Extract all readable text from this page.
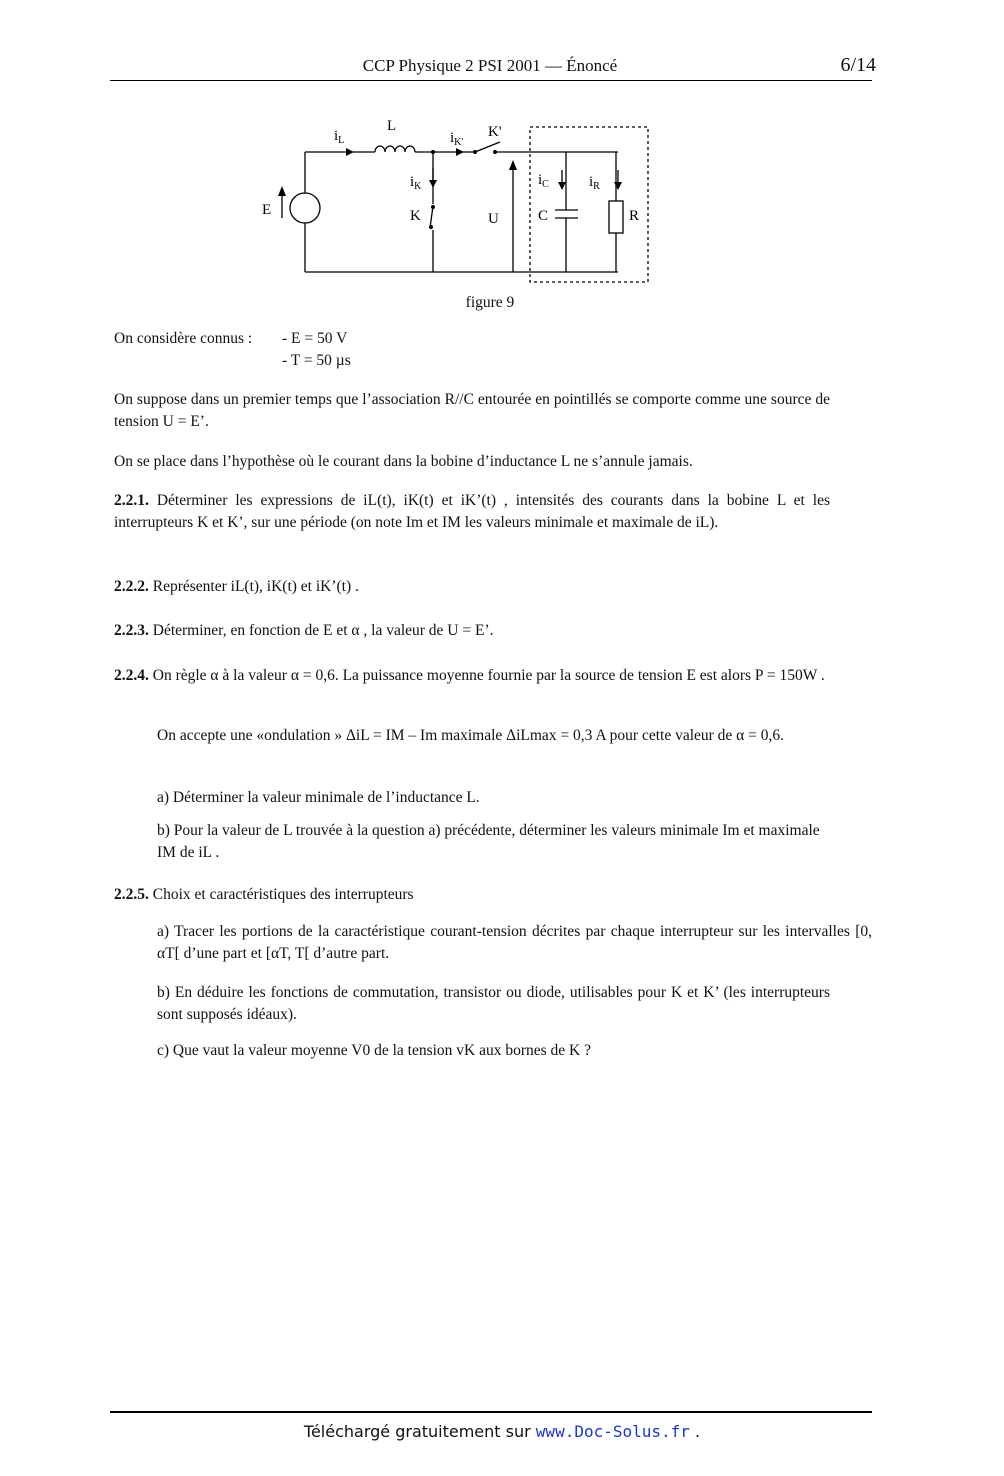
CCP Physique 2 PSI 2001 — Énoncé	6/14
$i_L$
L
$i_{K'}$
K'
$i_K$
K
E
U
$i_C$
C
$i_R$
R
figure 9
On considère connus : - E = 50 V
- T = 50 µs
On suppose dans un premier temps que l’association R//C entourée en pointillés se comporte comme une source de tension U = E’.
On se place dans l’hypothèse où le courant dans la bobine d’inductance L ne s’annule jamais.
2.2.1. Déterminer les expressions de iL(t), iK(t) et iK’(t) , intensités des courants dans la bobine L et les interrupteurs K et K’, sur une période (on note Im et IM les valeurs minimale et maximale de iL).
2.2.2. Représenter iL(t), iK(t) et iK’(t) .
2.2.3. Déterminer, en fonction de E et α , la valeur de U = E’.
2.2.4. On règle α à la valeur α = 0,6. La puissance moyenne fournie par la source de tension E est alors P = 150W .
On accepte une «ondulation » ΔiL = IM – Im maximale ΔiLmax = 0,3 A pour cette valeur de α = 0,6.
a) Déterminer la valeur minimale de l’inductance L.
b) Pour la valeur de L trouvée à la question a) précédente, déterminer les valeurs minimale Im et maximale IM de iL .
2.2.5. Choix et caractéristiques des interrupteurs
a) Tracer les portions de la caractéristique courant-tension décrites par chaque interrupteur sur les intervalles [0, αT[ d’une part et [αT, T[ d’autre part.
b) En déduire les fonctions de commutation, transistor ou diode, utilisables pour K et K’ (les interrupteurs sont supposés idéaux).
c) Que vaut la valeur moyenne V0 de la tension vK aux bornes de K ?
Téléchargé gratuitement sur www.Doc-Solus.fr .
